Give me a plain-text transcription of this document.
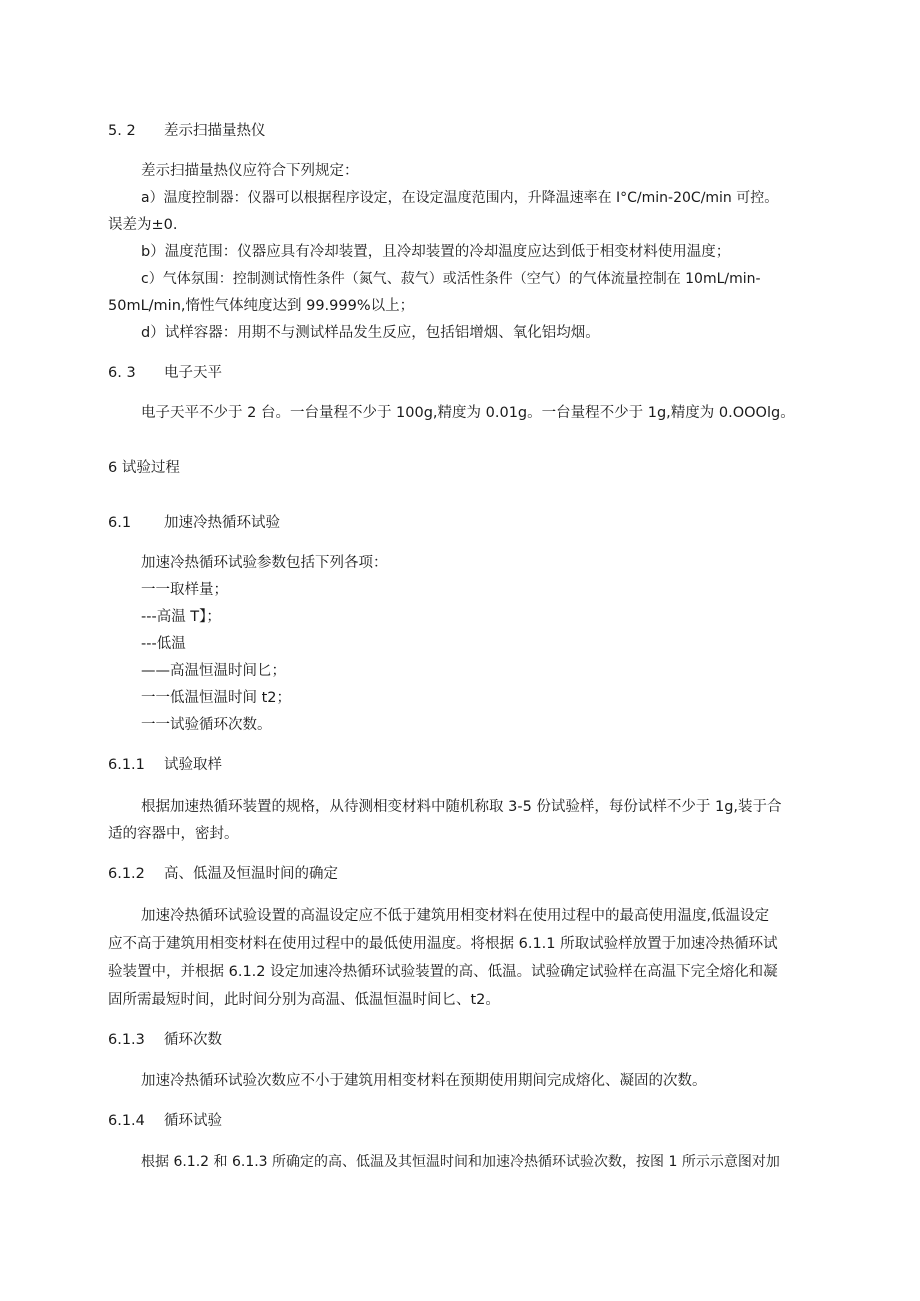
5. 2 差示扫描量热仪
差示扫描量热仪应符合下列规定：
a）温度控制器：仪器可以根据程序设定，在设定温度范围内，升降温速率在 I°C∕min-20C∕min 可控。
误差为±0.
b）温度范围：仪器应具有冷却装置，且冷却装置的冷却温度应达到低于相变材料使用温度；
c）气体氛围：控制测试惰性条件（氮气、菽气）或活性条件（空气）的气体流量控制在 10mL∕min-
50mL∕min,惰性气体纯度达到 99.999%以上；
d）试样容器：用期不与测试样品发生反应，包括铝增烟、氧化铝均烟。
6. 3 电子天平
电子天平不少于 2 台。一台量程不少于 100g,精度为 0.01g。一台量程不少于 1g,精度为 0.OOOlg。
6 试验过程
6.1 加速冷热循环试验
加速冷热循环试验参数包括下列各项：
一一取样量；
---高温 T】；
---低温
——高温恒温时间匕；
一一低温恒温时间 t2；
一一试验循环次数。
6.1.1 试验取样
根据加速热循环装置的规格，从待测相变材料中随机称取 3-5 份试验样，每份试样不少于 1g,装于合
适的容器中，密封。
6.1.2 高、低温及恒温时间的确定
加速冷热循环试验设置的高温设定应不低于建筑用相变材料在使用过程中的最高使用温度,低温设定
应不高于建筑用相变材料在使用过程中的最低使用温度。将根据 6.1.1 所取试验样放置于加速冷热循环试
验装置中，并根据 6.1.2 设定加速冷热循环试验装置的高、低温。试验确定试验样在高温下完全熔化和凝
固所需最短时间，此时间分别为高温、低温恒温时间匕、t2。
6.1.3 循环次数
加速冷热循环试验次数应不小于建筑用相变材料在预期使用期间完成熔化、凝固的次数。
6.1.4 循环试验
根据 6.1.2 和 6.1.3 所确定的高、低温及其恒温时间和加速冷热循环试验次数，按图 1 所示示意图对加
